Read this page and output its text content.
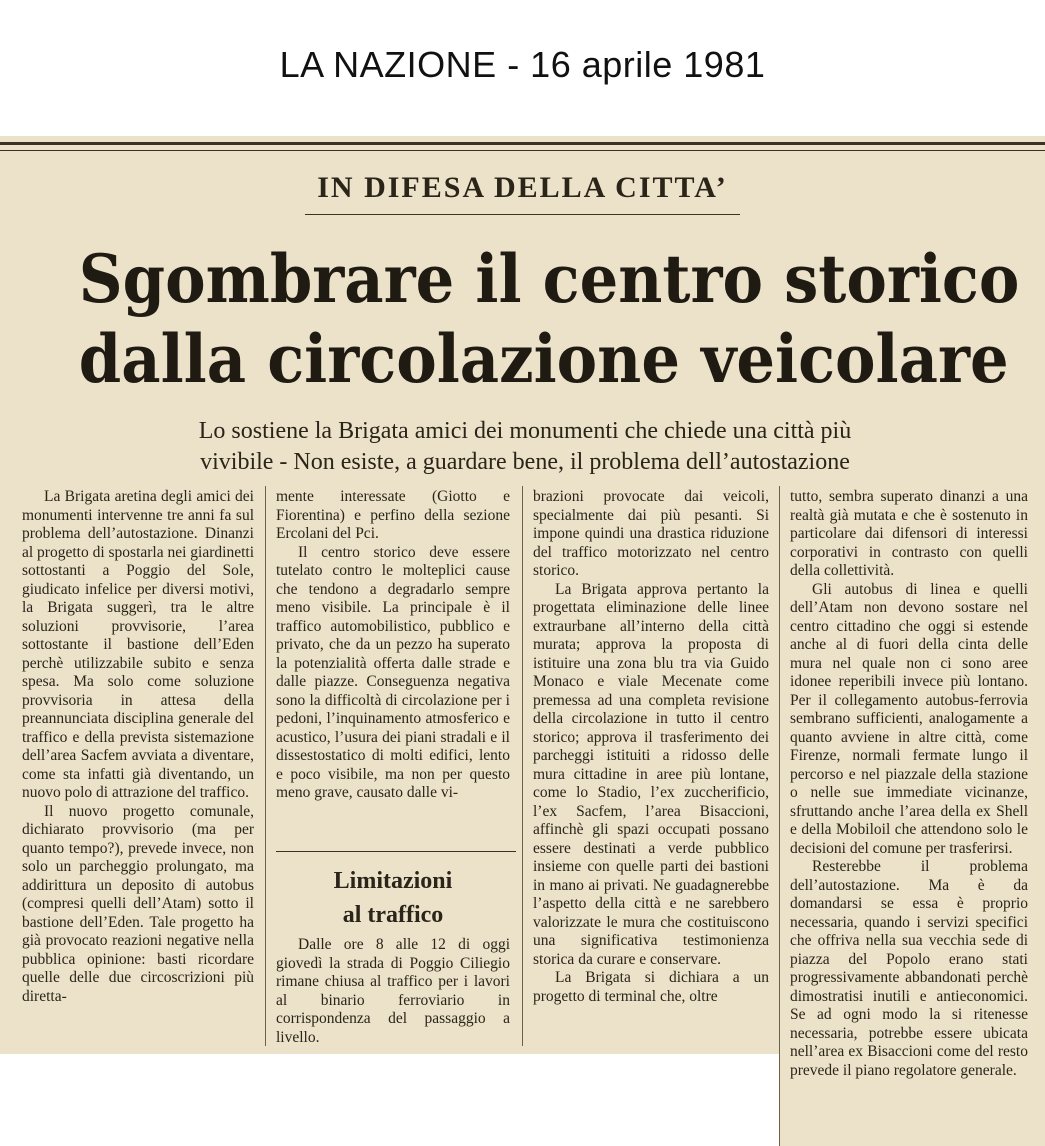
LA NAZIONE - 16 aprile 1981
IN DIFESA DELLA CITTA’
Sgombrare il centro storico
dalla circolazione veicolare
Lo sostiene la Brigata amici dei monumenti che chiede una città più
vivibile - Non esiste, a guardare bene, il problema dell’autostazione

La Brigata aretina degli amici dei monumenti intervenne tre anni fa sul problema dell’autostazione. Dinanzi al progetto di spostarla nei giardinetti sottostanti a Poggio del Sole, giudicato infelice per diversi motivi, la Brigata suggerì, tra le altre soluzioni provvisorie, l’area sottostante il bastione dell’Eden perchè utilizzabile subito e senza spesa. Ma solo come soluzione provvisoria in attesa della preannunciata disciplina generale del traffico e della prevista sistemazione dell’area Sacfem avviata a diventare, come sta infatti già diventando, un nuovo polo di attrazione del traffico.

Il nuovo progetto comunale, dichiarato provvisorio (ma per quanto tempo?), prevede invece, non solo un parcheggio prolungato, ma addirittura un deposito di autobus (compresi quelli dell’Atam) sotto il bastione dell’Eden. Tale progetto ha già provocato reazioni negative nella pubblica opinione: basti ricordare quelle delle due circoscrizioni più diretta-

mente interessate (Giotto e Fiorentina) e perfino della sezione Ercolani del Pci.

Il centro storico deve essere tutelato contro le molteplici cause che tendono a degradarlo sempre meno visibile. La principale è il traffico automobilistico, pubblico e privato, che da un pezzo ha superato la potenzialità offerta dalle strade e dalle piazze. Conseguenza negativa sono la difficoltà di circolazione per i pedoni, l’inquinamento atmosferico e acustico, l’usura dei piani stradali e il dissestostatico di molti edifici, lento e poco visibile, ma non per questo meno grave, causato dalle vi-

Limitazioni
al traffico

Dalle ore 8 alle 12 di oggi giovedì la strada di Poggio Ciliegio rimane chiusa al traffico per i lavori al binario ferroviario in corrispondenza del passaggio a livello.

brazioni provocate dai veicoli, specialmente dai più pesanti. Si impone quindi una drastica riduzione del traffico motorizzato nel centro storico.

La Brigata approva pertanto la progettata eliminazione delle linee extraurbane all’interno della città murata; approva la proposta di istituire una zona blu tra via Guido Monaco e viale Mecenate come premessa ad una completa revisione della circolazione in tutto il centro storico; approva il trasferimento dei parcheggi istituiti a ridosso delle mura cittadine in aree più lontane, come lo Stadio, l’ex zuccherificio, l’ex Sacfem, l’area Bisaccioni, affinchè gli spazi occupati possano essere destinati a verde pubblico insieme con quelle parti dei bastioni in mano ai privati. Ne guadagnerebbe l’aspetto della città e ne sarebbero valorizzate le mura che costituiscono una significativa testimonienza storica da curare e conservare.

La Brigata si dichiara a un progetto di terminal che, oltre

tutto, sembra superato dinanzi a una realtà già mutata e che è sostenuto in particolare dai difensori di interessi corporativi in contrasto con quelli della collettività.

Gli autobus di linea e quelli dell’Atam non devono sostare nel centro cittadino che oggi si estende anche al di fuori della cinta delle mura nel quale non ci sono aree idonee reperibili invece più lontano. Per il collegamento autobus-ferrovia sembrano sufficienti, analogamente a quanto avviene in altre città, come Firenze, normali fermate lungo il percorso e nel piazzale della stazione o nelle sue immediate vicinanze, sfruttando anche l’area della ex Shell e della Mobiloil che attendono solo le decisioni del comune per trasferirsi.

Resterebbe il problema dell’autostazione. Ma è da domandarsi se essa è proprio necessaria, quando i servizi specifici che offriva nella sua vecchia sede di piazza del Popolo erano stati progressivamente abbandonati perchè dimostratisi inutili e antieconomici. Se ad ogni modo la si ritenesse necessaria, potrebbe essere ubicata nell’area ex Bisaccioni come del resto prevede il piano regolatore generale.
